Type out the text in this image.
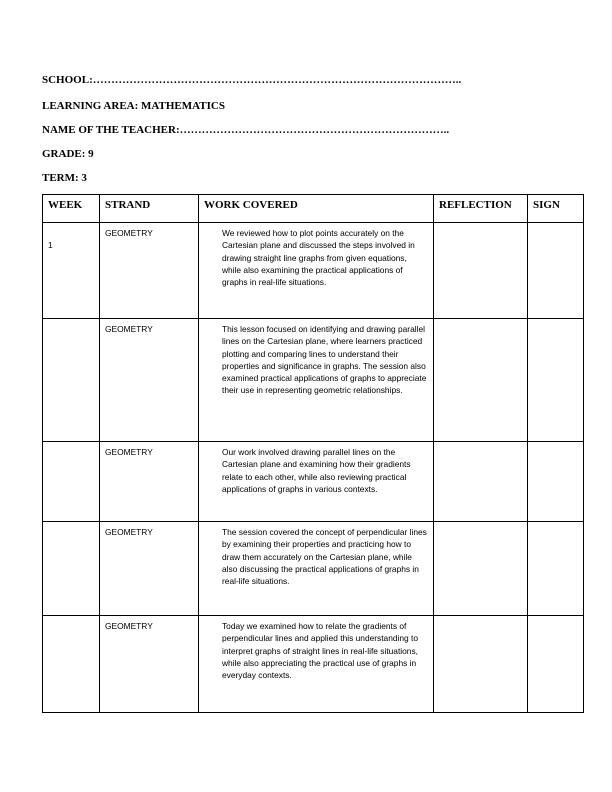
SCHOOL:………………………………………………………………………………………..
LEARNING AREA: MATHEMATICS
NAME OF THE TEACHER:………………………………………………………………..
GRADE: 9
TERM: 3
WEEK	STRAND	WORK COVERED	REFLECTION	SIGN
1	GEOMETRY	We reviewed how to plot points accurately on the Cartesian plane and discussed the steps involved in drawing straight line graphs from given equations, while also examining the practical applications of graphs in real-life situations.		
	GEOMETRY	This lesson focused on identifying and drawing parallel lines on the Cartesian plane, where learners practiced plotting and comparing lines to understand their properties and significance in graphs. The session also examined practical applications of graphs to appreciate their use in representing geometric relationships.		
	GEOMETRY	Our work involved drawing parallel lines on the Cartesian plane and examining how their gradients relate to each other, while also reviewing practical applications of graphs in various contexts.		
	GEOMETRY	The session covered the concept of perpendicular lines by examining their properties and practicing how to draw them accurately on the Cartesian plane, while also discussing the practical applications of graphs in real-life situations.		
	GEOMETRY	Today we examined how to relate the gradients of perpendicular lines and applied this understanding to interpret graphs of straight lines in real-life situations, while also appreciating the practical use of graphs in everyday contexts.		
